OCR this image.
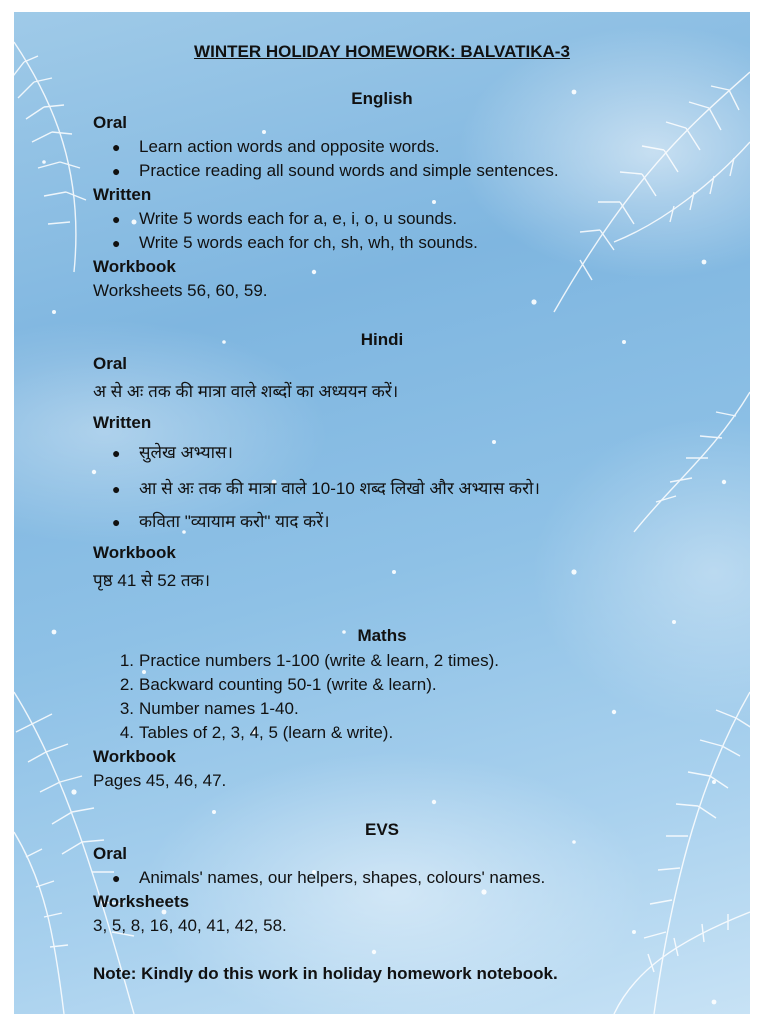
WINTER HOLIDAY HOMEWORK: BALVATIKA-3
English
Oral
● Learn action words and opposite words.
● Practice reading all sound words and simple sentences.
Written
● Write 5 words each for a, e, i, o, u sounds.
● Write 5 words each for ch, sh, wh, th sounds.
Workbook
Worksheets 56, 60, 59.
Hindi
Oral
अ से अः तक की मात्रा वाले शब्दों का अध्ययन करें।
Written
● सुलेख अभ्यास।
● आ से अः तक की मात्रा वाले 10-10 शब्द लिखो और अभ्यास करो।
● कविता "व्यायाम करो" याद करें।
Workbook
पृष्ठ 41 से 52 तक।
Maths
1. Practice numbers 1-100 (write & learn, 2 times).
2. Backward counting 50-1 (write & learn).
3. Number names 1-40.
4. Tables of 2, 3, 4, 5 (learn & write).
Workbook
Pages 45, 46, 47.
EVS
Oral
● Animals' names, our helpers, shapes, colours' names.
Worksheets
3, 5, 8, 16, 40, 41, 42, 58.
Note: Kindly do this work in holiday homework notebook.
